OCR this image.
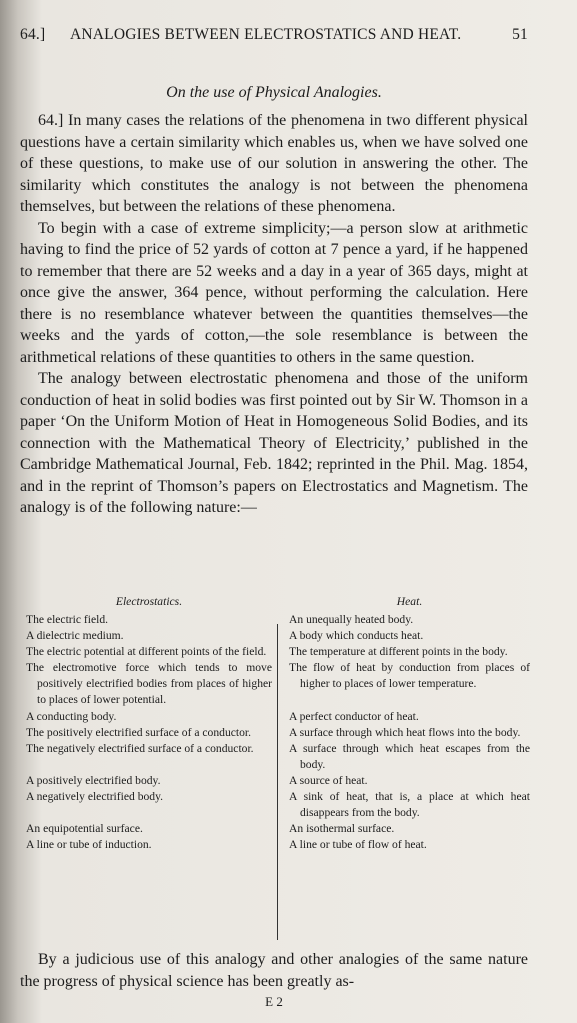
64.] ANALOGIES BETWEEN ELECTROSTATICS AND HEAT.	51
On the use of Physical Analogies.

64.] In many cases the relations of the phenomena in two different physical questions have a certain similarity which enables us, when we have solved one of these questions, to make use of our solution in answering the other. The similarity which constitutes the analogy is not between the phenomena themselves, but between the relations of these phenomena.

To begin with a case of extreme simplicity;—a person slow at arithmetic having to find the price of 52 yards of cotton at 7 pence a yard, if he happened to remember that there are 52 weeks and a day in a year of 365 days, might at once give the answer, 364 pence, without performing the calculation. Here there is no resemblance whatever between the quantities themselves—the weeks and the yards of cotton,—the sole resemblance is between the arithmetical relations of these quantities to others in the same question.

The analogy between electrostatic phenomena and those of the uniform conduction of heat in solid bodies was first pointed out by Sir W. Thomson in a paper ‘On the Uniform Motion of Heat in Homogeneous Solid Bodies, and its connection with the Mathematical Theory of Electricity,’ published in the Cambridge Mathematical Journal, Feb. 1842; reprinted in the Phil. Mag. 1854, and in the reprint of Thomson’s papers on Electrostatics and Magnetism. The analogy is of the following nature:—

Electrostatics.
The electric field.
A dielectric medium.
The electric potential at different points of the field.
The electromotive force which tends to move positively electrified bodies from places of higher to places of lower potential.
A conducting body.
The positively electrified surface of a conductor.
The negatively electrified surface of a conductor.
A positively electrified body.
A negatively electrified body.
An equipotential surface.
A line or tube of induction.
Heat.
An unequally heated body.
A body which conducts heat.
The temperature at different points in the body.
The flow of heat by conduction from places of higher to places of lower temperature.
A perfect conductor of heat.
A surface through which heat flows into the body.
A surface through which heat escapes from the body.
A source of heat.
A sink of heat, that is, a place at which heat disappears from the body.
An isothermal surface.
A line or tube of flow of heat.

By a judicious use of this analogy and other analogies of the same nature the progress of physical science has been greatly as-

E 2
